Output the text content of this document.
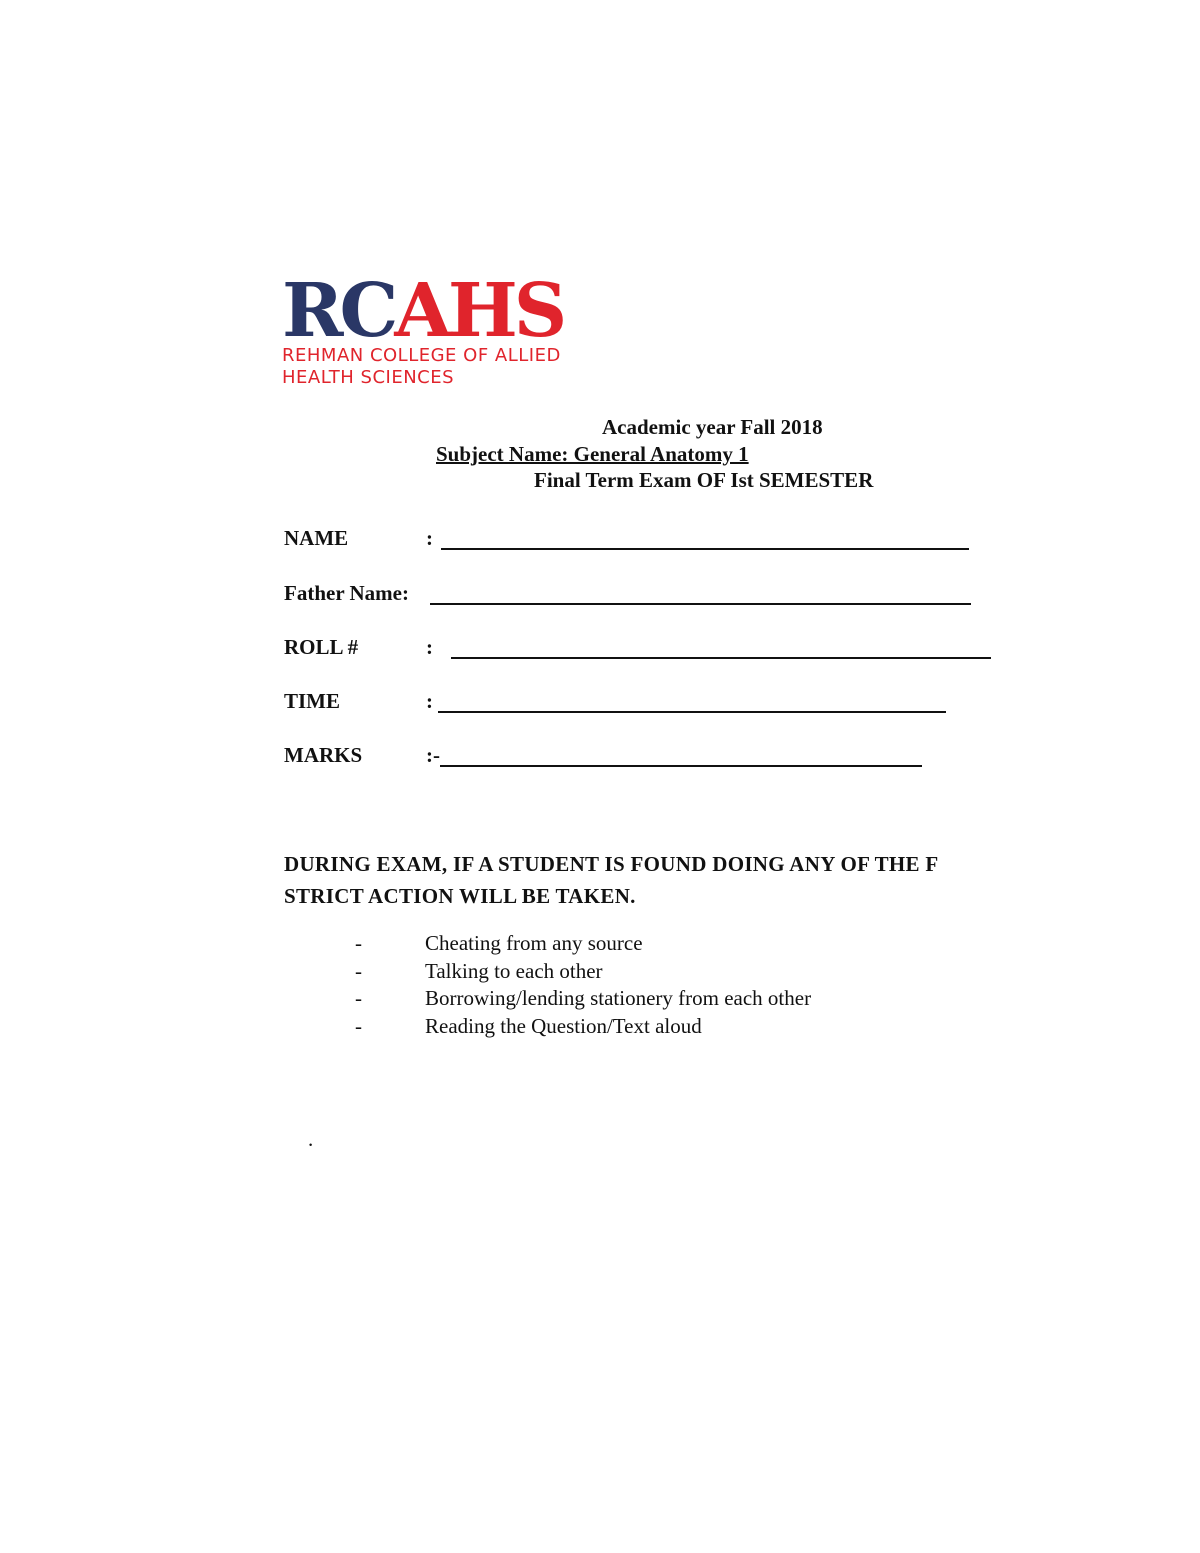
RCAHS
REHMAN COLLEGE OF ALLIED
HEALTH SCIENCES
Academic year Fall 2018
Subject Name: General Anatomy 1
Final Term Exam OF Ist SEMESTER
NAME	:
Father Name:
ROLL #	:
TIME	:
MARKS	:-
DURING EXAM, IF A STUDENT IS FOUND DOING ANY OF THE F
STRICT ACTION WILL BE TAKEN.
-	Cheating from any source
-	Talking to each other
-	Borrowing/lending stationery from each other
-	Reading the Question/Text aloud
.
